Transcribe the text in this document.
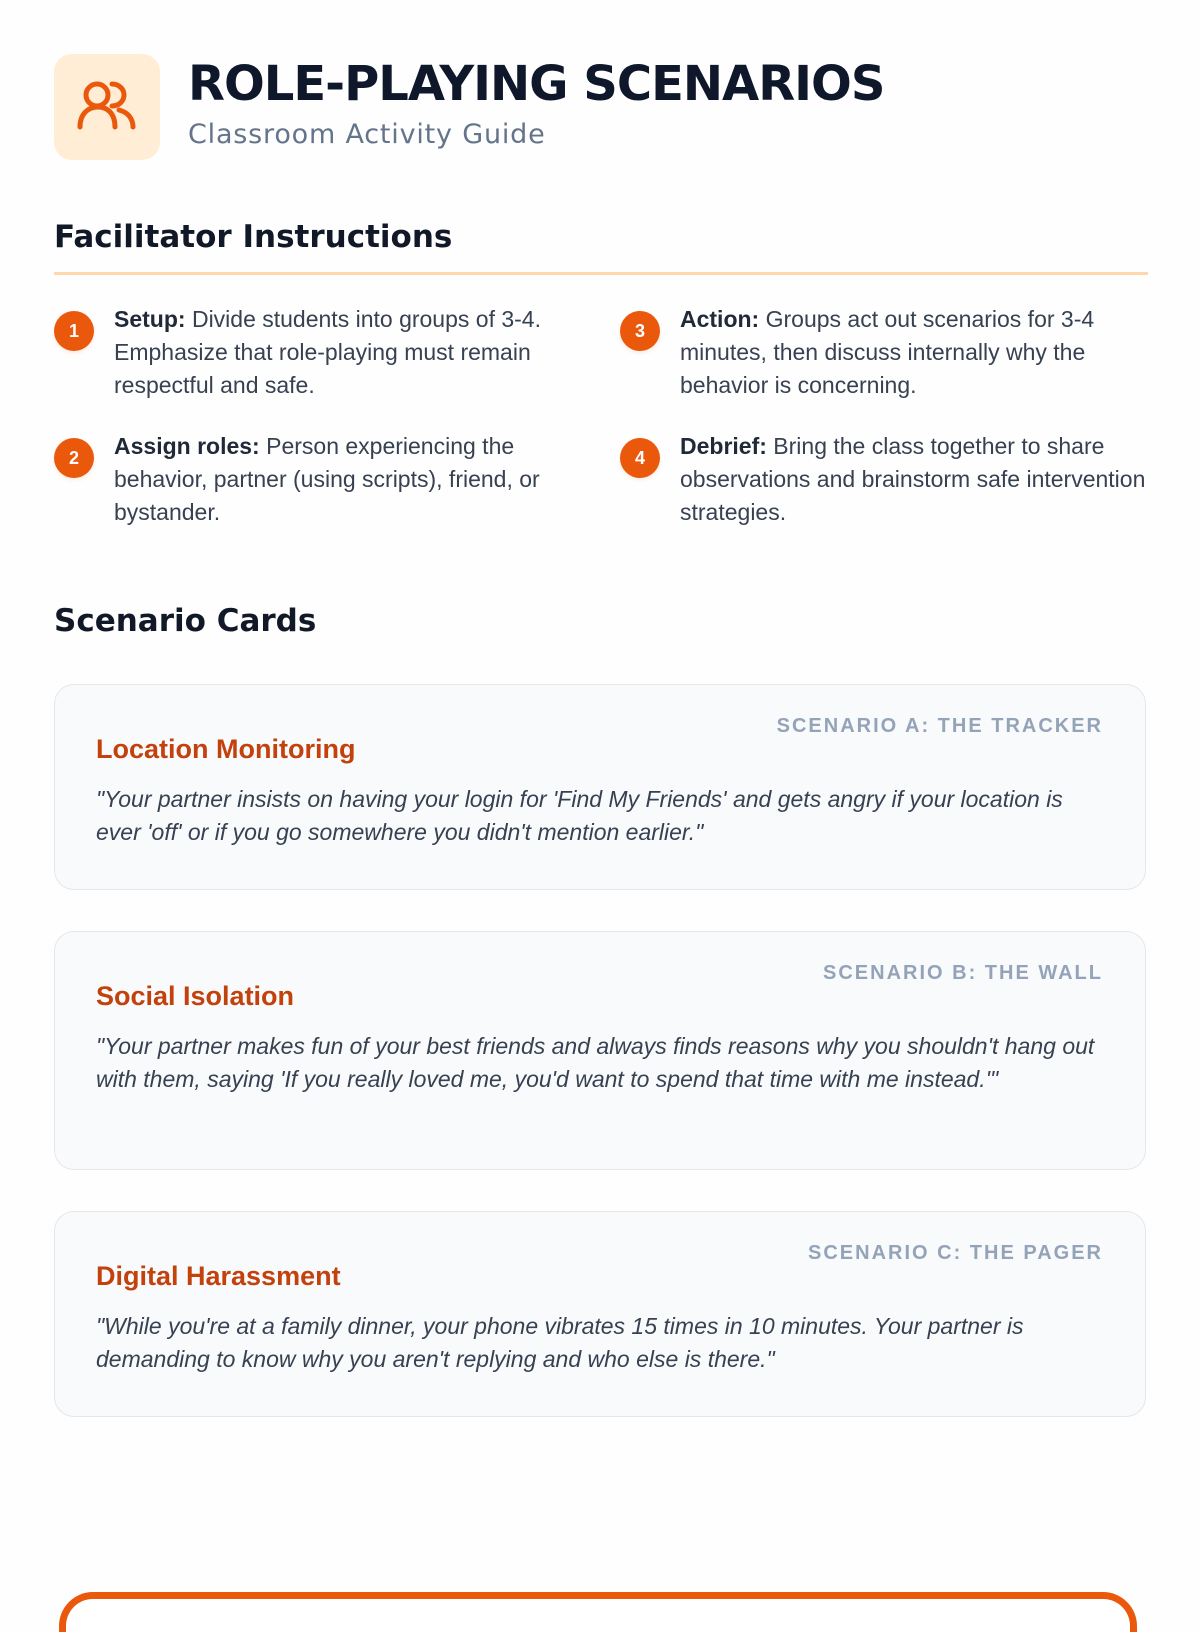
ROLE-PLAYING SCENARIOS
Classroom Activity Guide
Facilitator Instructions
1	Setup: Divide students into groups of 3-4. Emphasize that role-playing must remain respectful and safe.
2	Assign roles: Person experiencing the behavior, partner (using scripts), friend, or bystander.
3	Action: Groups act out scenarios for 3-4 minutes, then discuss internally why the behavior is concerning.
4	Debrief: Bring the class together to share observations and brainstorm safe intervention strategies.
Scenario Cards
SCENARIO A: THE TRACKER
Location Monitoring

"Your partner insists on having your login for 'Find My Friends' and gets angry if your location is ever 'off' or if you go somewhere you didn't mention earlier."

SCENARIO B: THE WALL
Social Isolation

"Your partner makes fun of your best friends and always finds reasons why you shouldn't hang out with them, saying 'If you really loved me, you'd want to spend that time with me instead.'"

SCENARIO C: THE PAGER
Digital Harassment

"While you're at a family dinner, your phone vibrates 15 times in 10 minutes. Your partner is demanding to know why you aren't replying and who else is there."
